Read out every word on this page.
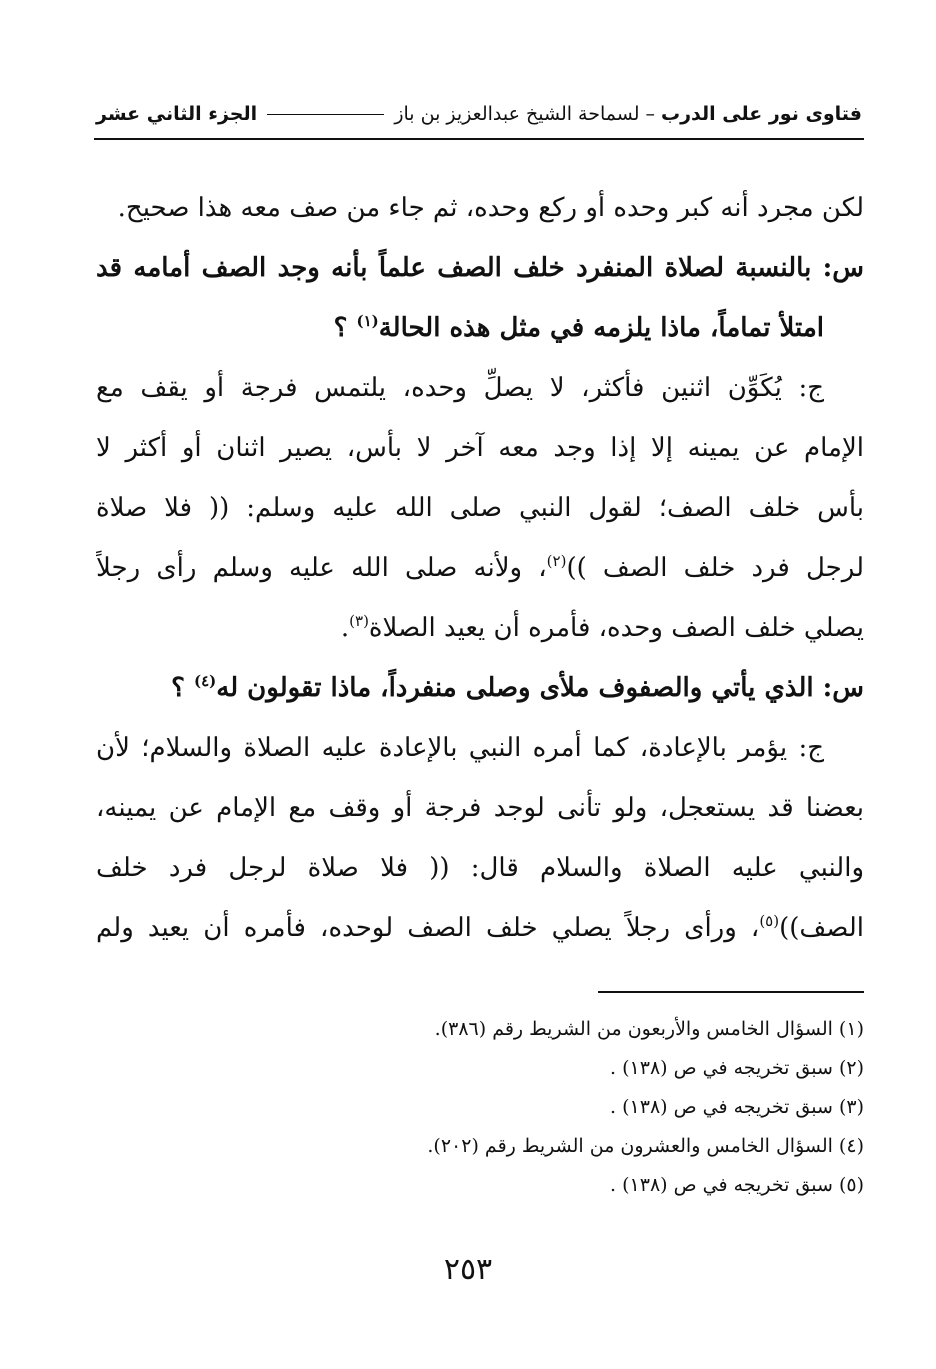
فتاوى نور على الدرب
–
لسماحة الشيخ عبدالعزيز بن باز
الجزء الثاني عشر
لكن مجرد أنه كبر وحده أو ركع وحده، ثم جاء من صف معه هذا صحيح.
س: بالنسبة لصلاة المنفرد خلف الصف علماً بأنه وجد الصف أمامه قد
امتلأ تماماً، ماذا يلزمه في مثل هذه الحالة$^{(١)}$ ؟
ج: يُكَوِّن اثنين فأكثر، لا يصلِّ وحده، يلتمس فرجة أو يقف مع
الإمام عن يمينه إلا إذا وجد معه آخر لا بأس، يصير اثنان أو أكثر لا
بأس خلف الصف؛ لقول النبي صلى الله عليه وسلم: (( فلا صلاة
لرجل فرد خلف الصف ))$^{(٢)}$، ولأنه صلى الله عليه وسلم رأى رجلاً
يصلي خلف الصف وحده، فأمره أن يعيد الصلاة$^{(٣)}$.
س: الذي يأتي والصفوف ملأى وصلى منفرداً، ماذا تقولون له$^{(٤)}$ ؟
ج: يؤمر بالإعادة، كما أمره النبي بالإعادة عليه الصلاة والسلام؛ لأن
بعضنا قد يستعجل، ولو تأنى لوجد فرجة أو وقف مع الإمام عن يمينه،
والنبي عليه الصلاة والسلام قال: (( فلا صلاة لرجل فرد خلف
الصف))$^{(٥)}$، ورأى رجلاً يصلي خلف الصف لوحده، فأمره أن يعيد ولم
(١) السؤال الخامس والأربعون من الشريط رقم (٣٨٦).
(٢) سبق تخريجه في ص (١٣٨) .
(٣) سبق تخريجه في ص (١٣٨) .
(٤) السؤال الخامس والعشرون من الشريط رقم (٢٠٢).
(٥) سبق تخريجه في ص (١٣٨) .
٢٥٣
